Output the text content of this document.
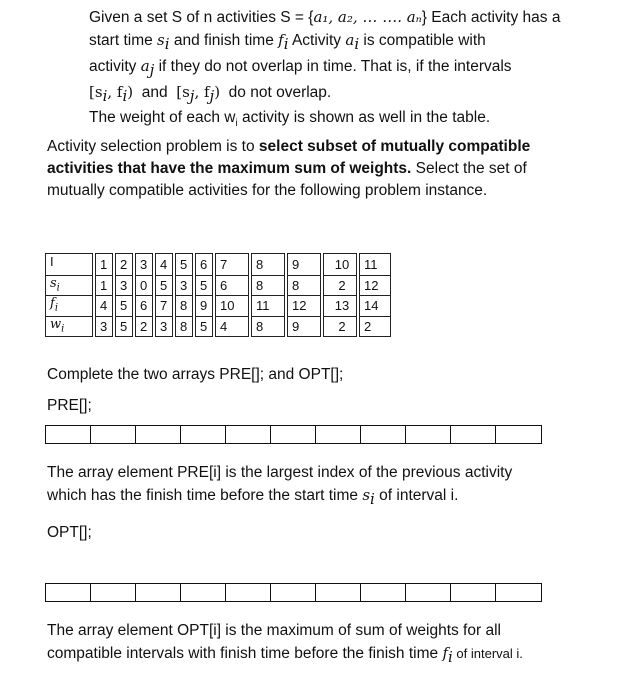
Given a set S of n activities S = {a₁, a₂, … …. aₙ} Each activity has a
start time $s_i$ and finish time $f_i$ Activity $a_i$ is compatible with
activity $a_j$ if they do not overlap in time. That is, if the intervals
[$s_i$, $f_i$)  and  [$s_j$, $f_j$)  do not overlap.
The weight of each $w_i$ activity is shown as well in the table.
Activity selection problem is to select subset of mutually compatible
activities that have the maximum sum of weights. Select the set of
mutually compatible activities for the following problem instance.
I		1		2		3		4		5		6		7		8		9		10		11
$s_i$		1		3		0		5		3		5		6		8		8		2		12
$f_i$		4		5		6		7		8		9		10		11		12		13		14
$w_i$		3		5		2		3		8		5		4		8		9		2		2
Complete the two arrays PRE[]; and OPT[];
PRE[];
The array element PRE[i] is the largest index of the previous activity
which has the finish time before the start time $s_i$ of interval i.
OPT[];
The array element OPT[i] is the maximum of sum of weights for all
compatible intervals with finish time before the finish time $f_i$ of interval i.
